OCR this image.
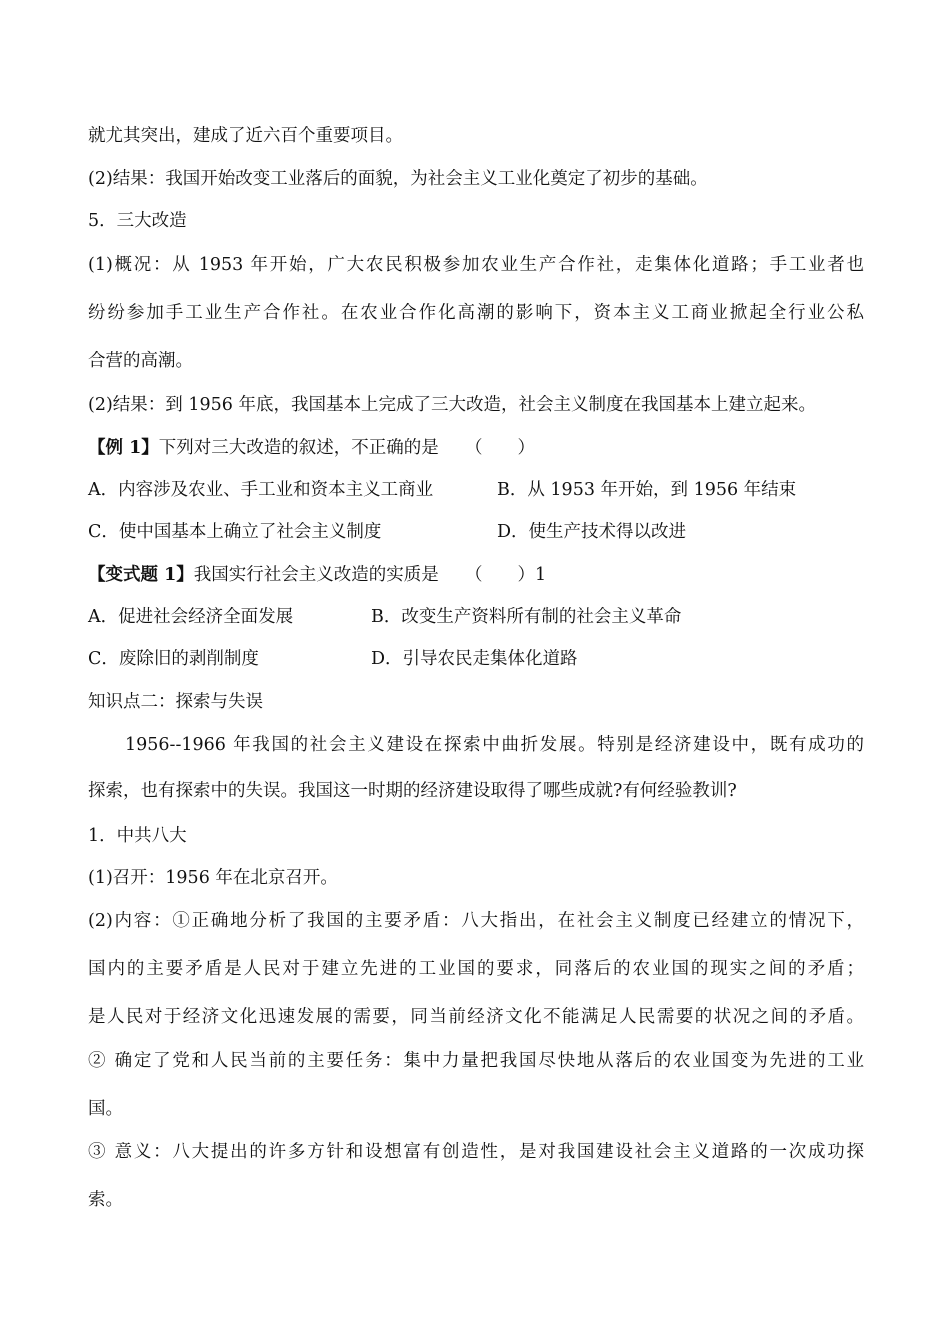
就尤其突出，建成了近六百个重要项目。
(2)结果：我国开始改变工业落后的面貌，为社会主义工业化奠定了初步的基础。
5．三大改造
(1)概况：从 1953 年开始，广大农民积极参加农业生产合作社，走集体化道路；手工业者也
纷纷参加手工业生产合作社。在农业合作化高潮的影响下，资本主义工商业掀起全行业公私
合营的高潮。
(2)结果：到 1956 年底，我国基本上完成了三大改造，社会主义制度在我国基本上建立起来。
【例 1】下列对三大改造的叙述，不正确的是　　（　　）
A．内容涉及农业、手工业和资本主义工商业	B．从 1953 年开始，到 1956 年结束
C．使中国基本上确立了社会主义制度	D．使生产技术得以改进
【变式题 1】我国实行社会主义改造的实质是　　（　　）1
A．促进社会经济全面发展	B．改变生产资料所有制的社会主义革命
C．废除旧的剥削制度	D．引导农民走集体化道路
知识点二：探索与失误
1956--1966 年我国的社会主义建设在探索中曲折发展。特别是经济建设中，既有成功的
探索，也有探索中的失误。我国这一时期的经济建设取得了哪些成就?有何经验教训?
1．中共八大
(1)召开：1956 年在北京召开。
(2)内容：①正确地分析了我国的主要矛盾：八大指出，在社会主义制度已经建立的情况下，
国内的主要矛盾是人民对于建立先进的工业国的要求，同落后的农业国的现实之间的矛盾；
是人民对于经济文化迅速发展的需要，同当前经济文化不能满足人民需要的状况之间的矛盾。
② 确定了党和人民当前的主要任务：集中力量把我国尽快地从落后的农业国变为先进的工业
国。
③ 意义：八大提出的许多方针和设想富有创造性，是对我国建设社会主义道路的一次成功探
索。
